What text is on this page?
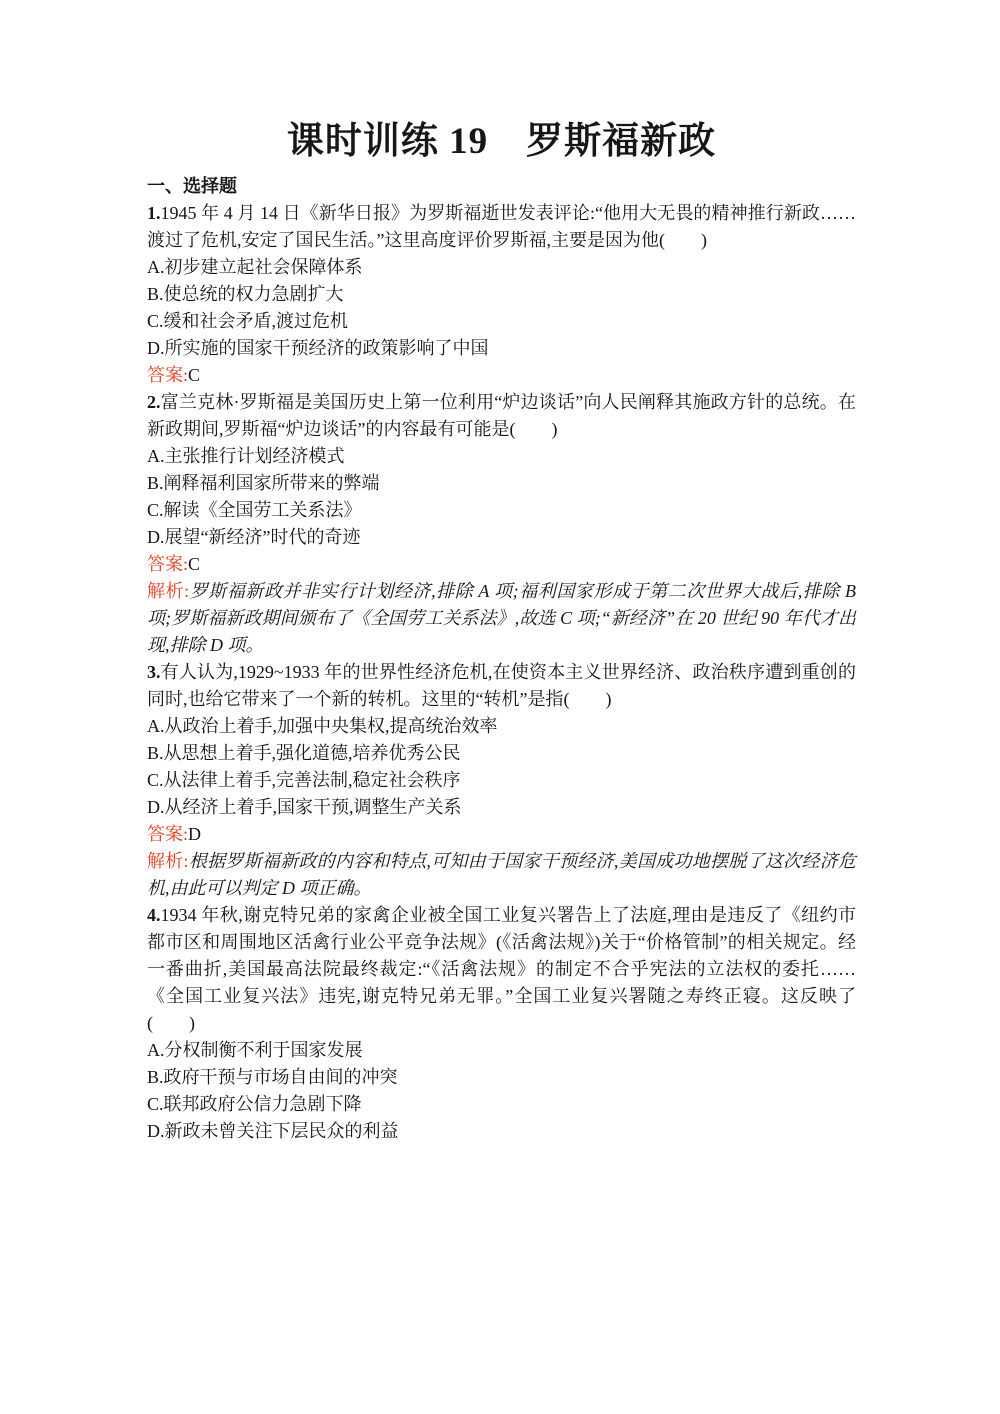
课时训练 19　罗斯福新政

一、选择题

1.1945 年 4 月 14 日《新华日报》为罗斯福逝世发表评论:“他用大无畏的精神推行新政……渡过了危机,安定了国民生活。”这里高度评价罗斯福,主要是因为他(　　)

A.初步建立起社会保障体系

B.使总统的权力急剧扩大

C.缓和社会矛盾,渡过危机

D.所实施的国家干预经济的政策影响了中国

答案:C

2.富兰克林·罗斯福是美国历史上第一位利用“炉边谈话”向人民阐释其施政方针的总统。在新政期间,罗斯福“炉边谈话”的内容最有可能是(　　)

A.主张推行计划经济模式

B.阐释福利国家所带来的弊端

C.解读《全国劳工关系法》

D.展望“新经济”时代的奇迹

答案:C

解析:罗斯福新政并非实行计划经济,排除 A 项;福利国家形成于第二次世界大战后,排除 B 项;罗斯福新政期间颁布了《全国劳工关系法》,故选 C 项;“新经济”在 20 世纪 90 年代才出现,排除 D 项。

3.有人认为,1929~1933 年的世界性经济危机,在使资本主义世界经济、政治秩序遭到重创的同时,也给它带来了一个新的转机。这里的“转机”是指(　　)

A.从政治上着手,加强中央集权,提高统治效率

B.从思想上着手,强化道德,培养优秀公民

C.从法律上着手,完善法制,稳定社会秩序

D.从经济上着手,国家干预,调整生产关系

答案:D

解析:根据罗斯福新政的内容和特点,可知由于国家干预经济,美国成功地摆脱了这次经济危机,由此可以判定 D 项正确。

4.1934 年秋,谢克特兄弟的家禽企业被全国工业复兴署告上了法庭,理由是违反了《纽约市都市区和周围地区活禽行业公平竞争法规》(《活禽法规》)关于“价格管制”的相关规定。经一番曲折,美国最高法院最终裁定:“《活禽法规》的制定不合乎宪法的立法权的委托……《全国工业复兴法》违宪,谢克特兄弟无罪。”全国工业复兴署随之寿终正寝。这反映了(　　)

A.分权制衡不利于国家发展

B.政府干预与市场自由间的冲突

C.联邦政府公信力急剧下降

D.新政未曾关注下层民众的利益
